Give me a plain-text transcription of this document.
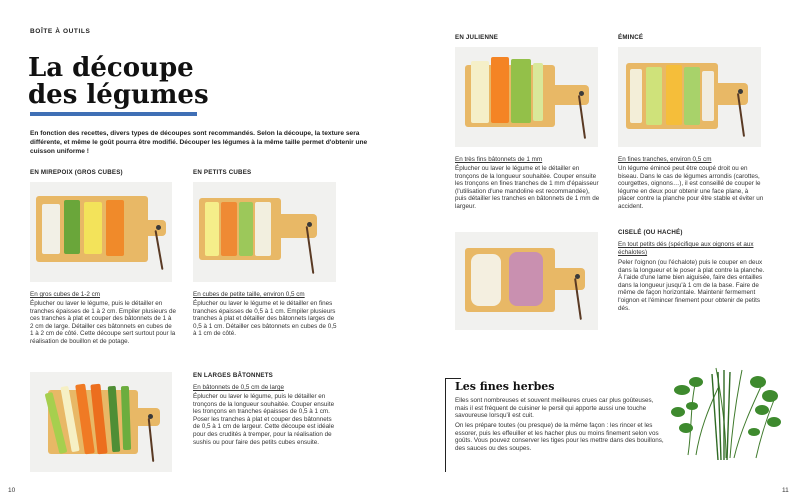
BOÎTE À OUTILS
La découpe
des légumes
En fonction des recettes, divers types de découpes sont recommandés. Selon la découpe, la texture sera différente, et même le goût pourra être modifié. Découper les légumes à la même taille permet d'obtenir une cuisson uniforme !
EN MIREPOIX (GROS CUBES)
En gros cubes de 1-2 cm
Éplucher ou laver le légume, puis le détailler en tranches épaisses de 1 à 2 cm. Empiler plusieurs de ces tranches à plat et couper des bâtonnets de 1 à 2 cm de large. Détailler ces bâtonnets en cubes de 1 à 2 cm de côté. Cette découpe sert surtout pour la réalisation de bouillon et de potage.
EN PETITS CUBES
En cubes de petite taille, environ 0,5 cm
Éplucher ou laver le légume et le détailler en fines tranches épaisses de 0,5 à 1 cm. Empiler plusieurs tranches à plat et détailler des bâtonnets larges de 0,5 à 1 cm. Détailler ces bâtonnets en cubes de 0,5 à 1 cm de côté.
EN LARGES BÂTONNETS
En bâtonnets de 0,5 cm de large
Éplucher ou laver le légume, puis le détailler en tronçons de la longueur souhaitée. Couper ensuite les tronçons en tranches épaisses de 0,5 à 1 cm. Poser les tranches à plat et couper des bâtonnets de 0,5 à 1 cm de largeur. Cette découpe est idéale pour des crudités à tremper, pour la réalisation de sushis ou pour faire des petits cubes ensuite.
10
EN JULIENNE
En très fins bâtonnets de 1 mm
Éplucher ou laver le légume et le détailler en tronçons de la longueur souhaitée. Couper ensuite les tronçons en fines tranches de 1 mm d'épaisseur (l'utilisation d'une mandoline est recommandée), puis détailler les tranches en bâtonnets de 1 mm de largeur.
ÉMINCÉ
En fines tranches, environ 0,5 cm
Un légume émincé peut être coupé droit ou en biseau. Dans le cas de légumes arrondis (carottes, courgettes, oignons…), il est conseillé de couper le légume en deux pour obtenir une face plane, à placer contre la planche pour être stable et éviter un accident.
CISELÉ (OU HACHÉ)
En tout petits dés (spécifique aux oignons et aux échalotes)
Peler l'oignon (ou l'échalote) puis le couper en deux dans la longueur et le poser à plat contre la planche. À l'aide d'une lame bien aiguisée, faire des entailles dans la longueur jusqu'à 1 cm de la base. Faire de même de façon horizontale. Maintenir fermement l'oignon et l'émincer finement pour obtenir de petits dés.
Les fines herbes
Elles sont nombreuses et souvent meilleures crues car plus goûteuses, mais il est fréquent de cuisiner le persil qui apporte aussi une touche savoureuse lorsqu'il est cuit.
On les prépare toutes (ou presque) de la même façon : les rincer et les essorer, puis les effeuiller et les hacher plus ou moins finement selon vos goûts. Vous pouvez conserver les tiges pour les mettre dans des bouillons, des sauces ou des soupes.
11
